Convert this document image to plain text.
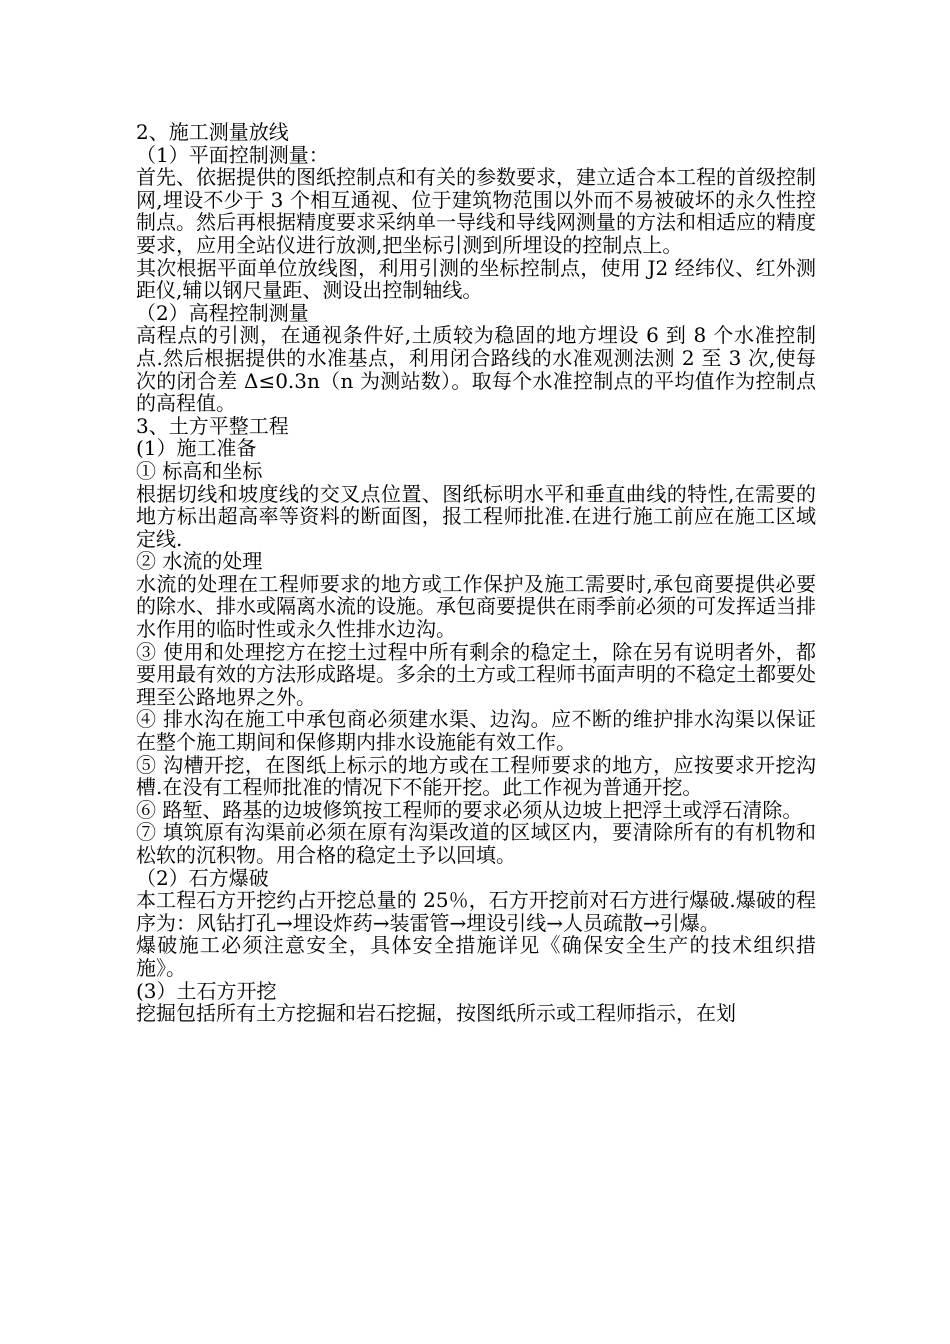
2、施工测量放线

（1）平面控制测量：

首先、依据提供的图纸控制点和有关的参数要求，建立适合本工程的首级控制网,埋设不少于 3 个相互通视、位于建筑物范围以外而不易被破坏的永久性控制点。然后再根据精度要求采纳单一导线和导线网测量的方法和相适应的精度要求，应用全站仪进行放测,把坐标引测到所埋设的控制点上。

其次根据平面单位放线图，利用引测的坐标控制点，使用 J2 经纬仪、红外测距仪,辅以钢尺量距、测设出控制轴线。

（2）高程控制测量

高程点的引测，在通视条件好,土质较为稳固的地方埋设 6 到 8 个水准控制点.然后根据提供的水准基点，利用闭合路线的水准观测法测 2 至 3 次,使每次的闭合差 Δ≤0.3n（n 为测站数）。取每个水准控制点的平均值作为控制点的高程值。

3、土方平整工程

(1）施工准备

① 标高和坐标

根据切线和坡度线的交叉点位置、图纸标明水平和垂直曲线的特性,在需要的地方标出超高率等资料的断面图，报工程师批准.在进行施工前应在施工区域定线.

② 水流的处理

水流的处理在工程师要求的地方或工作保护及施工需要时,承包商要提供必要的除水、排水或隔离水流的设施。承包商要提供在雨季前必须的可发挥适当排水作用的临时性或永久性排水边沟。

③ 使用和处理挖方在挖土过程中所有剩余的稳定土，除在另有说明者外，都要用最有效的方法形成路堤。多余的土方或工程师书面声明的不稳定土都要处理至公路地界之外。

④ 排水沟在施工中承包商必须建水渠、边沟。应不断的维护排水沟渠以保证在整个施工期间和保修期内排水设施能有效工作。

⑤ 沟槽开挖，在图纸上标示的地方或在工程师要求的地方，应按要求开挖沟槽.在没有工程师批准的情况下不能开挖。此工作视为普通开挖。

⑥ 路堑、路基的边坡修筑按工程师的要求必须从边坡上把浮土或浮石清除。

⑦ 填筑原有沟渠前必须在原有沟渠改道的区域区内，要清除所有的有机物和松软的沉积物。用合格的稳定土予以回填。

（2）石方爆破

本工程石方开挖约占开挖总量的 25％，石方开挖前对石方进行爆破.爆破的程序为：风钻打孔→埋设炸药→装雷管→埋设引线→人员疏散→引爆。

爆破施工必须注意安全，具体安全措施详见《确保安全生产的技术组织措施》。

(3）土石方开挖

挖掘包括所有土方挖掘和岩石挖掘，按图纸所示或工程师指示，在划
